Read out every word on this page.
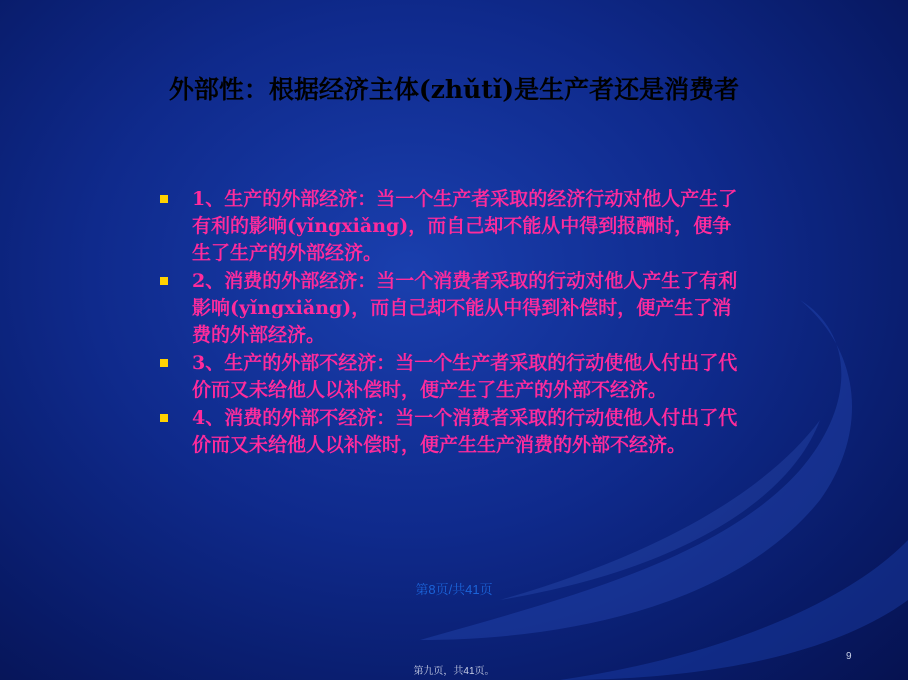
外部性：根据经济主体(zhǔtǐ)是生产者还是消费者
1、生产的外部经济：当一个生产者采取的经济行动对他人产生了有利的影响(yǐngxiǎng)，而自己却不能从中得到报酬时，便争生了生产的外部经济。
2、消费的外部经济：当一个消费者采取的行动对他人产生了有利影响(yǐngxiǎng)，而自己却不能从中得到补偿时，便产生了消费的外部经济。
3、生产的外部不经济：当一个生产者采取的行动使他人付出了代价而又未给他人以补偿时，便产生了生产的外部不经济。
4、消费的外部不经济：当一个消费者采取的行动使他人付出了代价而又未给他人以补偿时，便产生生产消费的外部不经济。
第8页/共41页
9
第九页，共41页。
